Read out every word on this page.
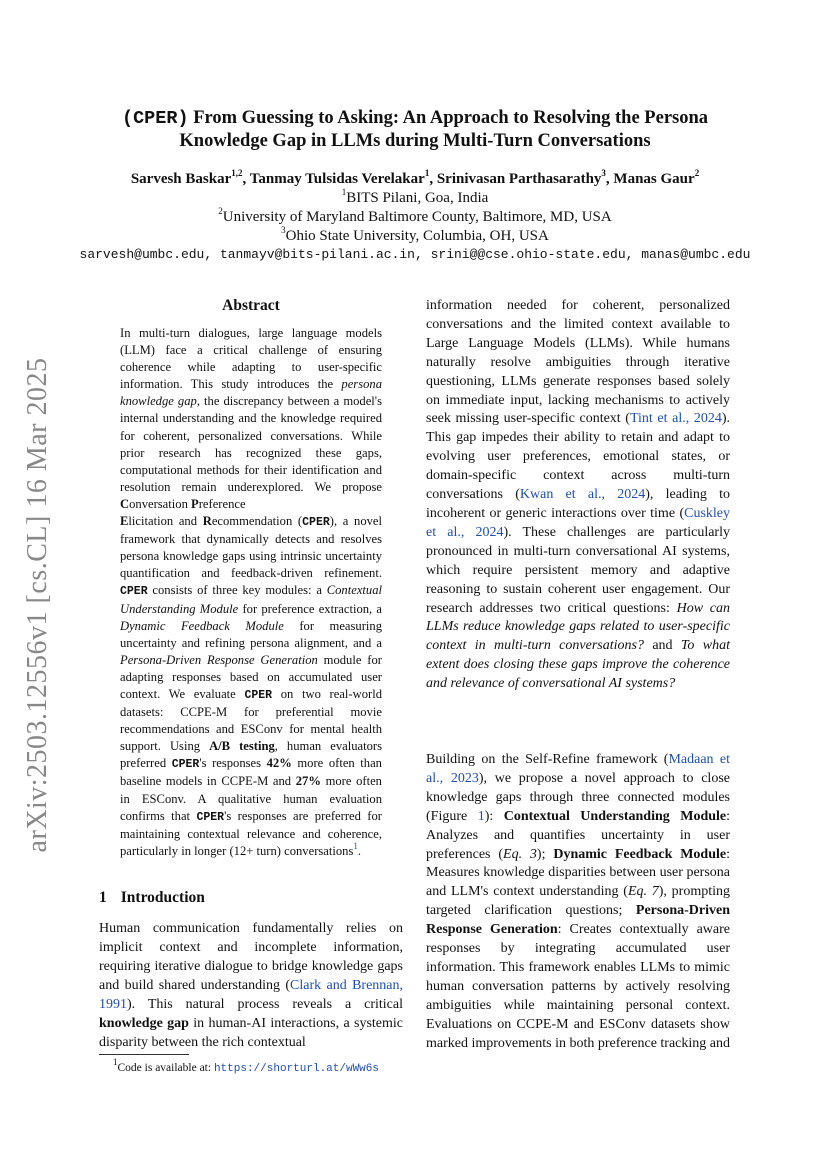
arXiv:2503.12556v1 [cs.CL] 16 Mar 2025
(CPER) From Guessing to Asking: An Approach to Resolving the Persona
Knowledge Gap in LLMs during Multi-Turn Conversations
Sarvesh Baskar$^{1,2}$, Tanmay Tulsidas Verelakar$^1$, Srinivasan Parthasarathy$^3$, Manas Gaur$^2$
$^1$BITS Pilani, Goa, India
$^2$University of Maryland Baltimore County, Baltimore, MD, USA
$^3$Ohio State University, Columbia, OH, USA
sarvesh@umbc.edu, tanmayv@bits-pilani.ac.in, srini@@cse.ohio-state.edu, manas@umbc.edu
Abstract
In multi-turn dialogues, large language models (LLM) face a critical challenge of ensuring coherence while adapting to user-specific information. This study introduces the persona knowledge gap, the discrepancy between a model's internal understanding and the knowledge required for coherent, personalized conversations. While prior research has recognized these gaps, computational methods for their identification and resolution remain underexplored. We propose Conversation Preference
Elicitation and Recommendation (CPER), a novel framework that dynamically detects and resolves persona knowledge gaps using intrinsic uncertainty quantification and feedback-driven refinement. CPER consists of three key modules: a Contextual Understanding Module for preference extraction, a Dynamic Feedback Module for measuring uncertainty and refining persona alignment, and a Persona-Driven Response Generation module for adapting responses based on accumulated user context. We evaluate CPER on two real-world datasets: CCPE-M for preferential movie recommendations and ESConv for mental health support. Using A/B testing, human evaluators preferred CPER's responses 42% more often than baseline models in CCPE-M and 27% more often in ESConv. A qualitative human evaluation confirms that CPER's responses are preferred for maintaining contextual relevance and coherence, particularly in longer (12+ turn) conversations$^1$.
1 Introduction
Human communication fundamentally relies on implicit context and incomplete information, requiring iterative dialogue to bridge knowledge gaps and build shared understanding (Clark and Brennan, 1991). This natural process reveals a critical knowledge gap in human-AI interactions, a systemic disparity between the rich contextual
$^1$Code is available at: https://shorturl.at/wWw6s
information needed for coherent, personalized conversations and the limited context available to Large Language Models (LLMs). While humans naturally resolve ambiguities through iterative questioning, LLMs generate responses based solely on immediate input, lacking mechanisms to actively seek missing user-specific context (Tint et al., 2024). This gap impedes their ability to retain and adapt to evolving user preferences, emotional states, or domain-specific context across multi-turn conversations (Kwan et al., 2024), leading to incoherent or generic interactions over time (Cuskley et al., 2024). These challenges are particularly pronounced in multi-turn conversational AI systems, which require persistent memory and adaptive reasoning to sustain coherent user engagement. Our research addresses two critical questions: How can LLMs reduce knowledge gaps related to user-specific context in multi-turn conversations? and To what extent does closing these gaps improve the coherence and relevance of conversational AI systems?
Building on the Self-Refine framework (Madaan et al., 2023), we propose a novel approach to close knowledge gaps through three connected modules (Figure 1): Contextual Understanding Module: Analyzes and quantifies uncertainty in user preferences (Eq. 3); Dynamic Feedback Module: Measures knowledge disparities between user persona and LLM's context understanding (Eq. 7), prompting targeted clarification questions; Persona-Driven Response Generation: Creates contextually aware responses by integrating accumulated user information. This framework enables LLMs to mimic human conversation patterns by actively resolving ambiguities while maintaining personal context. Evaluations on CCPE-M and ESConv datasets show marked improvements in both preference tracking and
